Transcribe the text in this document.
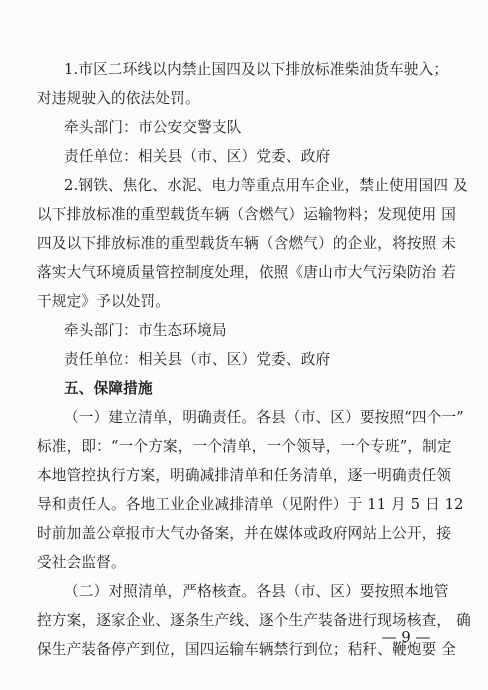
1.市区二环线以内禁止国四及以下排放标准柴油货车驶入；
对违规驶入的依法处罚。
牵头部门：市公安交警支队
责任单位：相关县（市、区）党委、政府
2.钢铁、焦化、水泥、电力等重点用车企业，禁止使用国四 及
以下排放标准的重型载货车辆（含燃气）运输物料；发现使用 国
四及以下排放标准的重型载货车辆（含燃气）的企业，将按照 未
落实大气环境质量管控制度处理，依照《唐山市大气污染防治 若
干规定》予以处罚。
牵头部门：市生态环境局
责任单位：相关县（市、区）党委、政府
五、保障措施
（一）建立清单，明确责任。各县（市、区）要按照“四个一”
标准，即：“一个方案，一个清单，一个领导，一个专班”，制定
本地管控执行方案，明确减排清单和任务清单，逐一明确责任领
导和责任人。各地工业企业减排清单（见附件）于 11 月 5 日 12
时前加盖公章报市大气办备案，并在媒体或政府网站上公开，接
受社会监督。
（二）对照清单，严格核查。各县（市、区）要按照本地管
控方案，逐家企业、逐条生产线、逐个生产装备进行现场核查， 确
保生产装备停产到位，国四运输车辆禁行到位；秸秆、鞭炮要 全
— 9 —
